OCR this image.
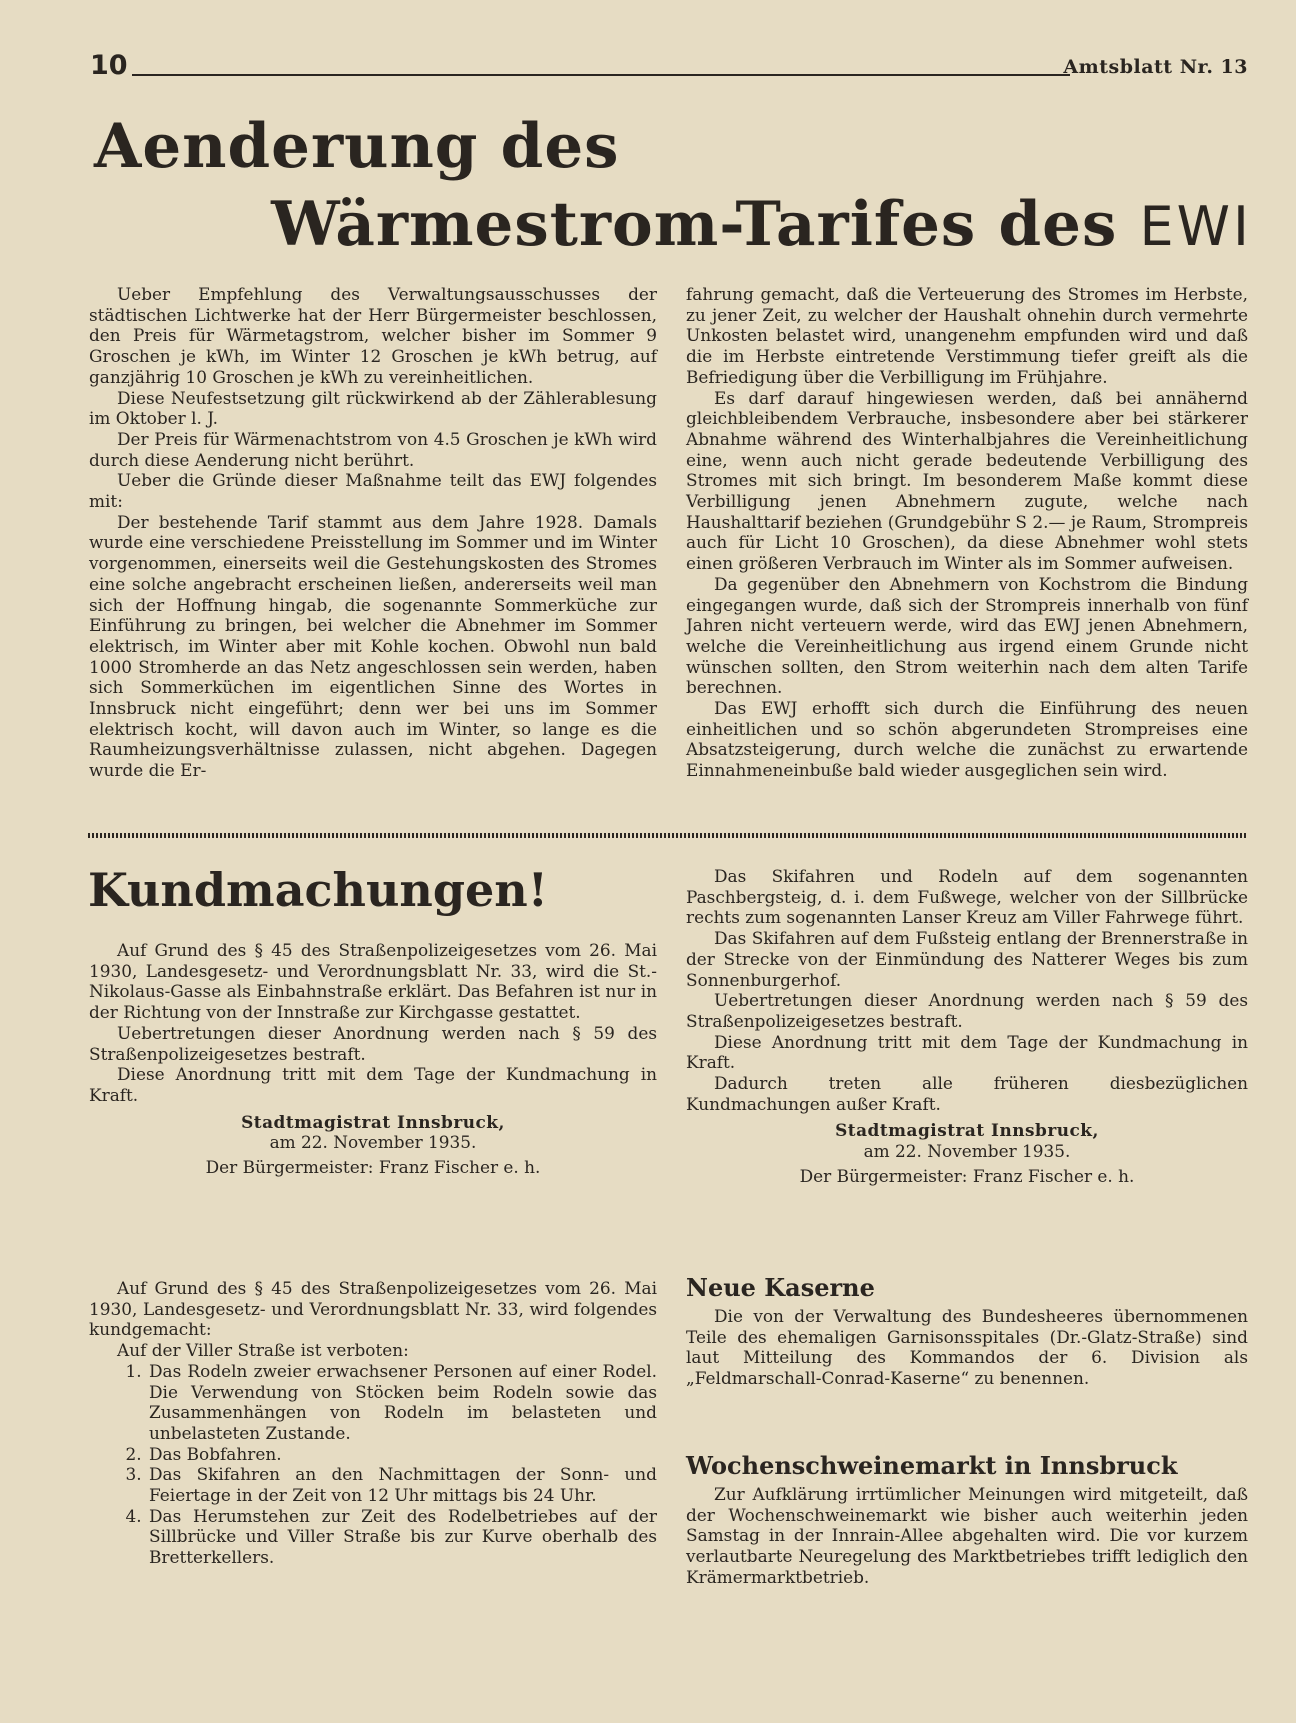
10	Amtsblatt Nr. 13
Aenderung des
Wärmestrom-Tarifes des EWI

Ueber Empfehlung des Verwaltungsausschusses der städtischen Lichtwerke hat der Herr Bürgermeister beschlossen, den Preis für Wärmetagstrom, welcher bisher im Sommer 9 Groschen je kWh, im Winter 12 Groschen je kWh betrug, auf ganzjährig 10 Groschen je kWh zu vereinheitlichen.

Diese Neufestsetzung gilt rückwirkend ab der Zählerablesung im Oktober l. J.

Der Preis für Wärmenachtstrom von 4.5 Groschen je kWh wird durch diese Aenderung nicht berührt.

Ueber die Gründe dieser Maßnahme teilt das EWJ folgendes mit:

Der bestehende Tarif stammt aus dem Jahre 1928. Damals wurde eine verschiedene Preisstellung im Sommer und im Winter vorgenommen, einerseits weil die Gestehungskosten des Stromes eine solche angebracht erscheinen ließen, andererseits weil man sich der Hoffnung hingab, die sogenannte Sommerküche zur Einführung zu bringen, bei welcher die Abnehmer im Sommer elektrisch, im Winter aber mit Kohle kochen. Obwohl nun bald 1000 Stromherde an das Netz angeschlossen sein werden, haben sich Sommerküchen im eigentlichen Sinne des Wortes in Innsbruck nicht eingeführt; denn wer bei uns im Sommer elektrisch kocht, will davon auch im Winter, so lange es die Raumheizungsverhältnisse zulassen, nicht abgehen. Dagegen wurde die Er-

fahrung gemacht, daß die Verteuerung des Stromes im Herbste, zu jener Zeit, zu welcher der Haushalt ohnehin durch vermehrte Unkosten belastet wird, unangenehm empfunden wird und daß die im Herbste eintretende Verstimmung tiefer greift als die Befriedigung über die Verbilligung im Frühjahre.

Es darf darauf hingewiesen werden, daß bei annähernd gleichbleibendem Verbrauche, insbesondere aber bei stärkerer Abnahme während des Winterhalbjahres die Vereinheitlichung eine, wenn auch nicht gerade bedeutende Verbilligung des Stromes mit sich bringt. Im besonderem Maße kommt diese Verbilligung jenen Abnehmern zugute, welche nach Haushalttarif beziehen (Grundgebühr S 2.— je Raum, Strompreis auch für Licht 10 Groschen), da diese Abnehmer wohl stets einen größeren Verbrauch im Winter als im Sommer aufweisen.

Da gegenüber den Abnehmern von Kochstrom die Bindung eingegangen wurde, daß sich der Strompreis innerhalb von fünf Jahren nicht verteuern werde, wird das EWJ jenen Abnehmern, welche die Vereinheitlichung aus irgend einem Grunde nicht wünschen sollten, den Strom weiterhin nach dem alten Tarife berechnen.

Das EWJ erhofft sich durch die Einführung des neuen einheitlichen und so schön abgerundeten Strompreises eine Absatzsteigerung, durch welche die zunächst zu erwartende Einnahmeneinbuße bald wieder ausgeglichen sein wird.

Kundmachungen!

Auf Grund des § 45 des Straßenpolizeigesetzes vom 26. Mai 1930, Landesgesetz- und Verordnungsblatt Nr. 33, wird die St.-Nikolaus-Gasse als Einbahnstraße erklärt. Das Befahren ist nur in der Richtung von der Innstraße zur Kirchgasse gestattet.

Uebertretungen dieser Anordnung werden nach § 59 des Straßenpolizeigesetzes bestraft.

Diese Anordnung tritt mit dem Tage der Kundmachung in Kraft.

Stadtmagistrat Innsbruck,

am 22. November 1935.

Der Bürgermeister: Franz Fischer e. h.

Auf Grund des § 45 des Straßenpolizeigesetzes vom 26. Mai 1930, Landesgesetz- und Verordnungsblatt Nr. 33, wird folgendes kundgemacht:

Auf der Viller Straße ist verboten:

1. Das Rodeln zweier erwachsener Personen auf einer Rodel. Die Verwendung von Stöcken beim Rodeln sowie das Zusammenhängen von Rodeln im belasteten und unbelasteten Zustande.
2. Das Bobfahren.
3. Das Skifahren an den Nachmittagen der Sonn- und Feiertage in der Zeit von 12 Uhr mittags bis 24 Uhr.
4. Das Herumstehen zur Zeit des Rodelbetriebes auf der Sillbrücke und Viller Straße bis zur Kurve oberhalb des Bretterkellers.

Das Skifahren und Rodeln auf dem sogenannten Paschbergsteig, d. i. dem Fußwege, welcher von der Sillbrücke rechts zum sogenannten Lanser Kreuz am Viller Fahrwege führt.

Das Skifahren auf dem Fußsteig entlang der Brennerstraße in der Strecke von der Einmündung des Natterer Weges bis zum Sonnenburgerhof.

Uebertretungen dieser Anordnung werden nach § 59 des Straßenpolizeigesetzes bestraft.

Diese Anordnung tritt mit dem Tage der Kundmachung in Kraft.

Dadurch treten alle früheren diesbezüglichen Kundmachungen außer Kraft.

Stadtmagistrat Innsbruck,

am 22. November 1935.

Der Bürgermeister: Franz Fischer e. h.

Neue Kaserne

Die von der Verwaltung des Bundesheeres übernommenen Teile des ehemaligen Garnisonsspitales (Dr.-Glatz-Straße) sind laut Mitteilung des Kommandos der 6. Division als „Feldmarschall-Conrad-Kaserne“ zu benennen.

Wochenschweinemarkt in Innsbruck

Zur Aufklärung irrtümlicher Meinungen wird mitgeteilt, daß der Wochenschweinemarkt wie bisher auch weiterhin jeden Samstag in der Innrain-Allee abgehalten wird. Die vor kurzem verlautbarte Neuregelung des Marktbetriebes trifft lediglich den Krämermarktbetrieb.
